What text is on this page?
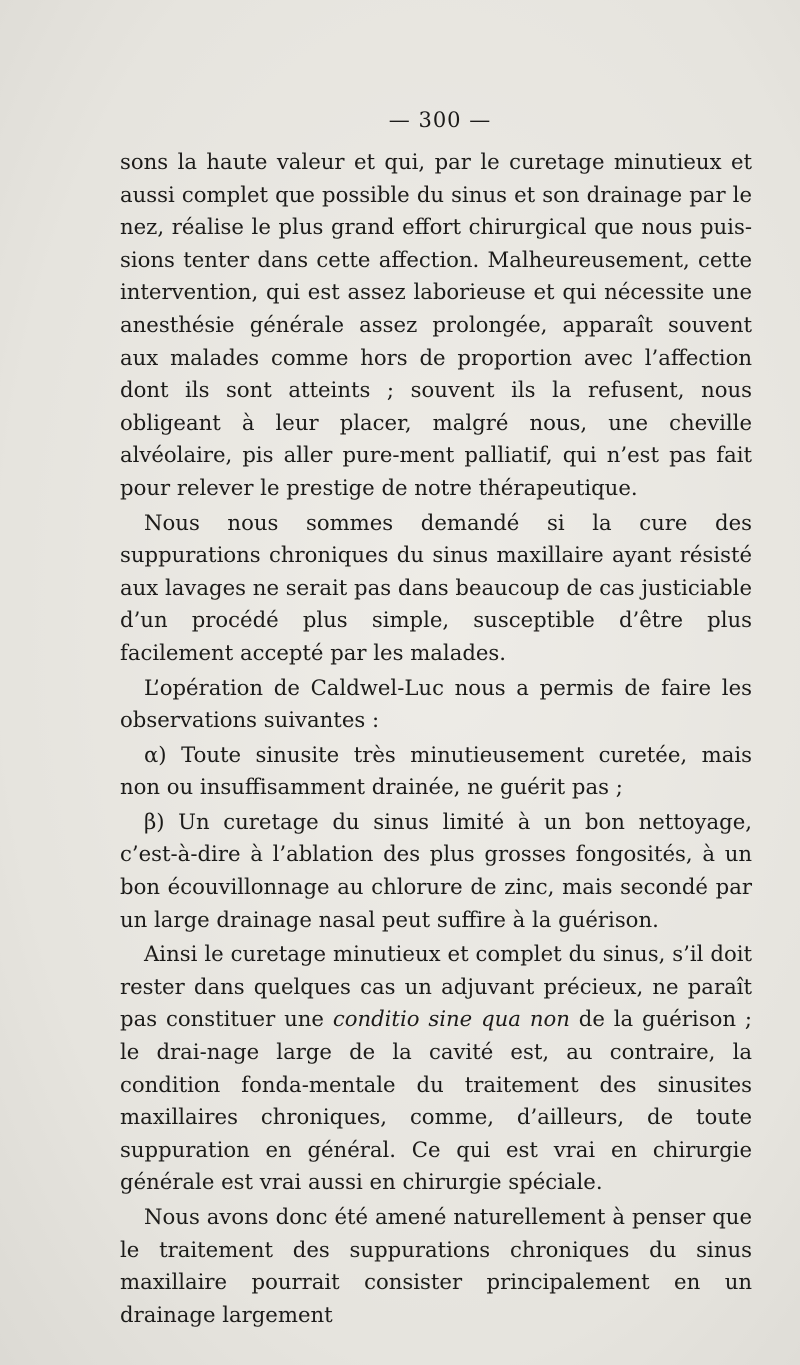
— 300 —

sons la haute valeur et qui, par le curetage minutieux et aussi complet que possible du sinus et son drainage par le nez, réalise le plus grand effort chirurgical que nous puis-sions tenter dans cette affection. Malheureusement, cette intervention, qui est assez laborieuse et qui nécessite une anesthésie générale assez prolongée, apparaît souvent aux malades comme hors de proportion avec l’affection dont ils sont atteints ; souvent ils la refusent, nous obligeant à leur placer, malgré nous, une cheville alvéolaire, pis aller pure-ment palliatif, qui n’est pas fait pour relever le prestige de notre thérapeutique.

Nous nous sommes demandé si la cure des suppurations chroniques du sinus maxillaire ayant résisté aux lavages ne serait pas dans beaucoup de cas justiciable d’un procédé plus simple, susceptible d’être plus facilement accepté par les malades.

L’opération de Caldwel-Luc nous a permis de faire les observations suivantes :

α) Toute sinusite très minutieusement curetée, mais non ou insuffisamment drainée, ne guérit pas ;

β) Un curetage du sinus limité à un bon nettoyage, c’est-à-dire à l’ablation des plus grosses fongosités, à un bon écouvillonnage au chlorure de zinc, mais secondé par un large drainage nasal peut suffire à la guérison.

Ainsi le curetage minutieux et complet du sinus, s’il doit rester dans quelques cas un adjuvant précieux, ne paraît pas constituer une conditio sine qua non de la guérison ; le drai-nage large de la cavité est, au contraire, la condition fonda-mentale du traitement des sinusites maxillaires chroniques, comme, d’ailleurs, de toute suppuration en général. Ce qui est vrai en chirurgie générale est vrai aussi en chirurgie spéciale.

Nous avons donc été amené naturellement à penser que le traitement des suppurations chroniques du sinus maxillaire pourrait consister principalement en un drainage largement
